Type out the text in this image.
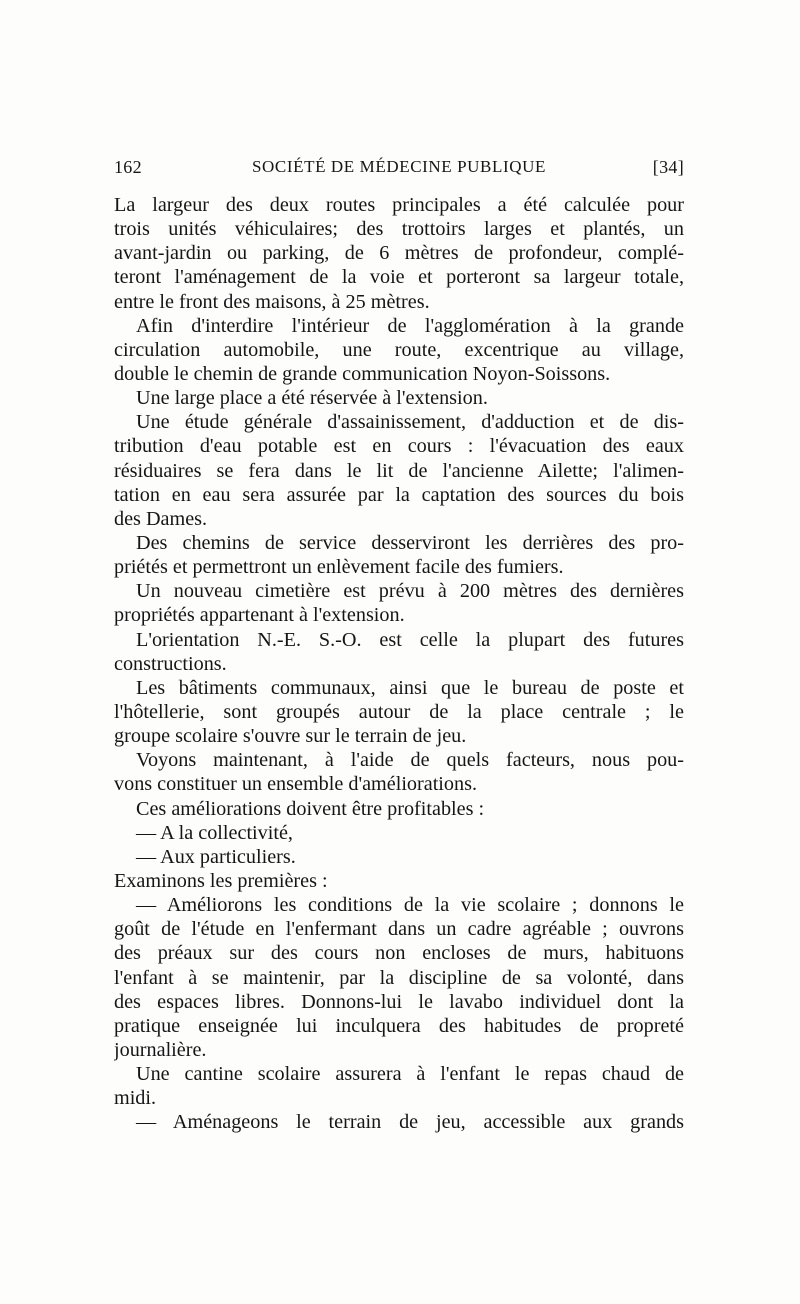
162	SOCIÉTÉ DE MÉDECINE PUBLIQUE	[34]
La largeur des deux routes principales a été calculée pour
trois unités véhiculaires; des trottoirs larges et plantés, un
avant-jardin ou parking, de 6 mètres de profondeur, complé-
teront l'aménagement de la voie et porteront sa largeur totale,
entre le front des maisons, à 25 mètres.
Afin d'interdire l'intérieur de l'agglomération à la grande
circulation automobile, une route, excentrique au village,
double le chemin de grande communication Noyon-Soissons.
Une large place a été réservée à l'extension.
Une étude générale d'assainissement, d'adduction et de dis-
tribution d'eau potable est en cours : l'évacuation des eaux
résiduaires se fera dans le lit de l'ancienne Ailette; l'alimen-
tation en eau sera assurée par la captation des sources du bois
des Dames.
Des chemins de service desserviront les derrières des pro-
priétés et permettront un enlèvement facile des fumiers.
Un nouveau cimetière est prévu à 200 mètres des dernières
propriétés appartenant à l'extension.
L'orientation N.-E. S.-O. est celle la plupart des futures
constructions.
Les bâtiments communaux, ainsi que le bureau de poste et
l'hôtellerie, sont groupés autour de la place centrale ; le
groupe scolaire s'ouvre sur le terrain de jeu.
Voyons maintenant, à l'aide de quels facteurs, nous pou-
vons constituer un ensemble d'améliorations.
Ces améliorations doivent être profitables :
— A la collectivité,
— Aux particuliers.
Examinons les premières :
— Améliorons les conditions de la vie scolaire ; donnons le
goût de l'étude en l'enfermant dans un cadre agréable ; ouvrons
des préaux sur des cours non encloses de murs, habituons
l'enfant à se maintenir, par la discipline de sa volonté, dans
des espaces libres. Donnons-lui le lavabo individuel dont la
pratique enseignée lui inculquera des habitudes de propreté
journalière.
Une cantine scolaire assurera à l'enfant le repas chaud de
midi.
— Aménageons le terrain de jeu, accessible aux grands
